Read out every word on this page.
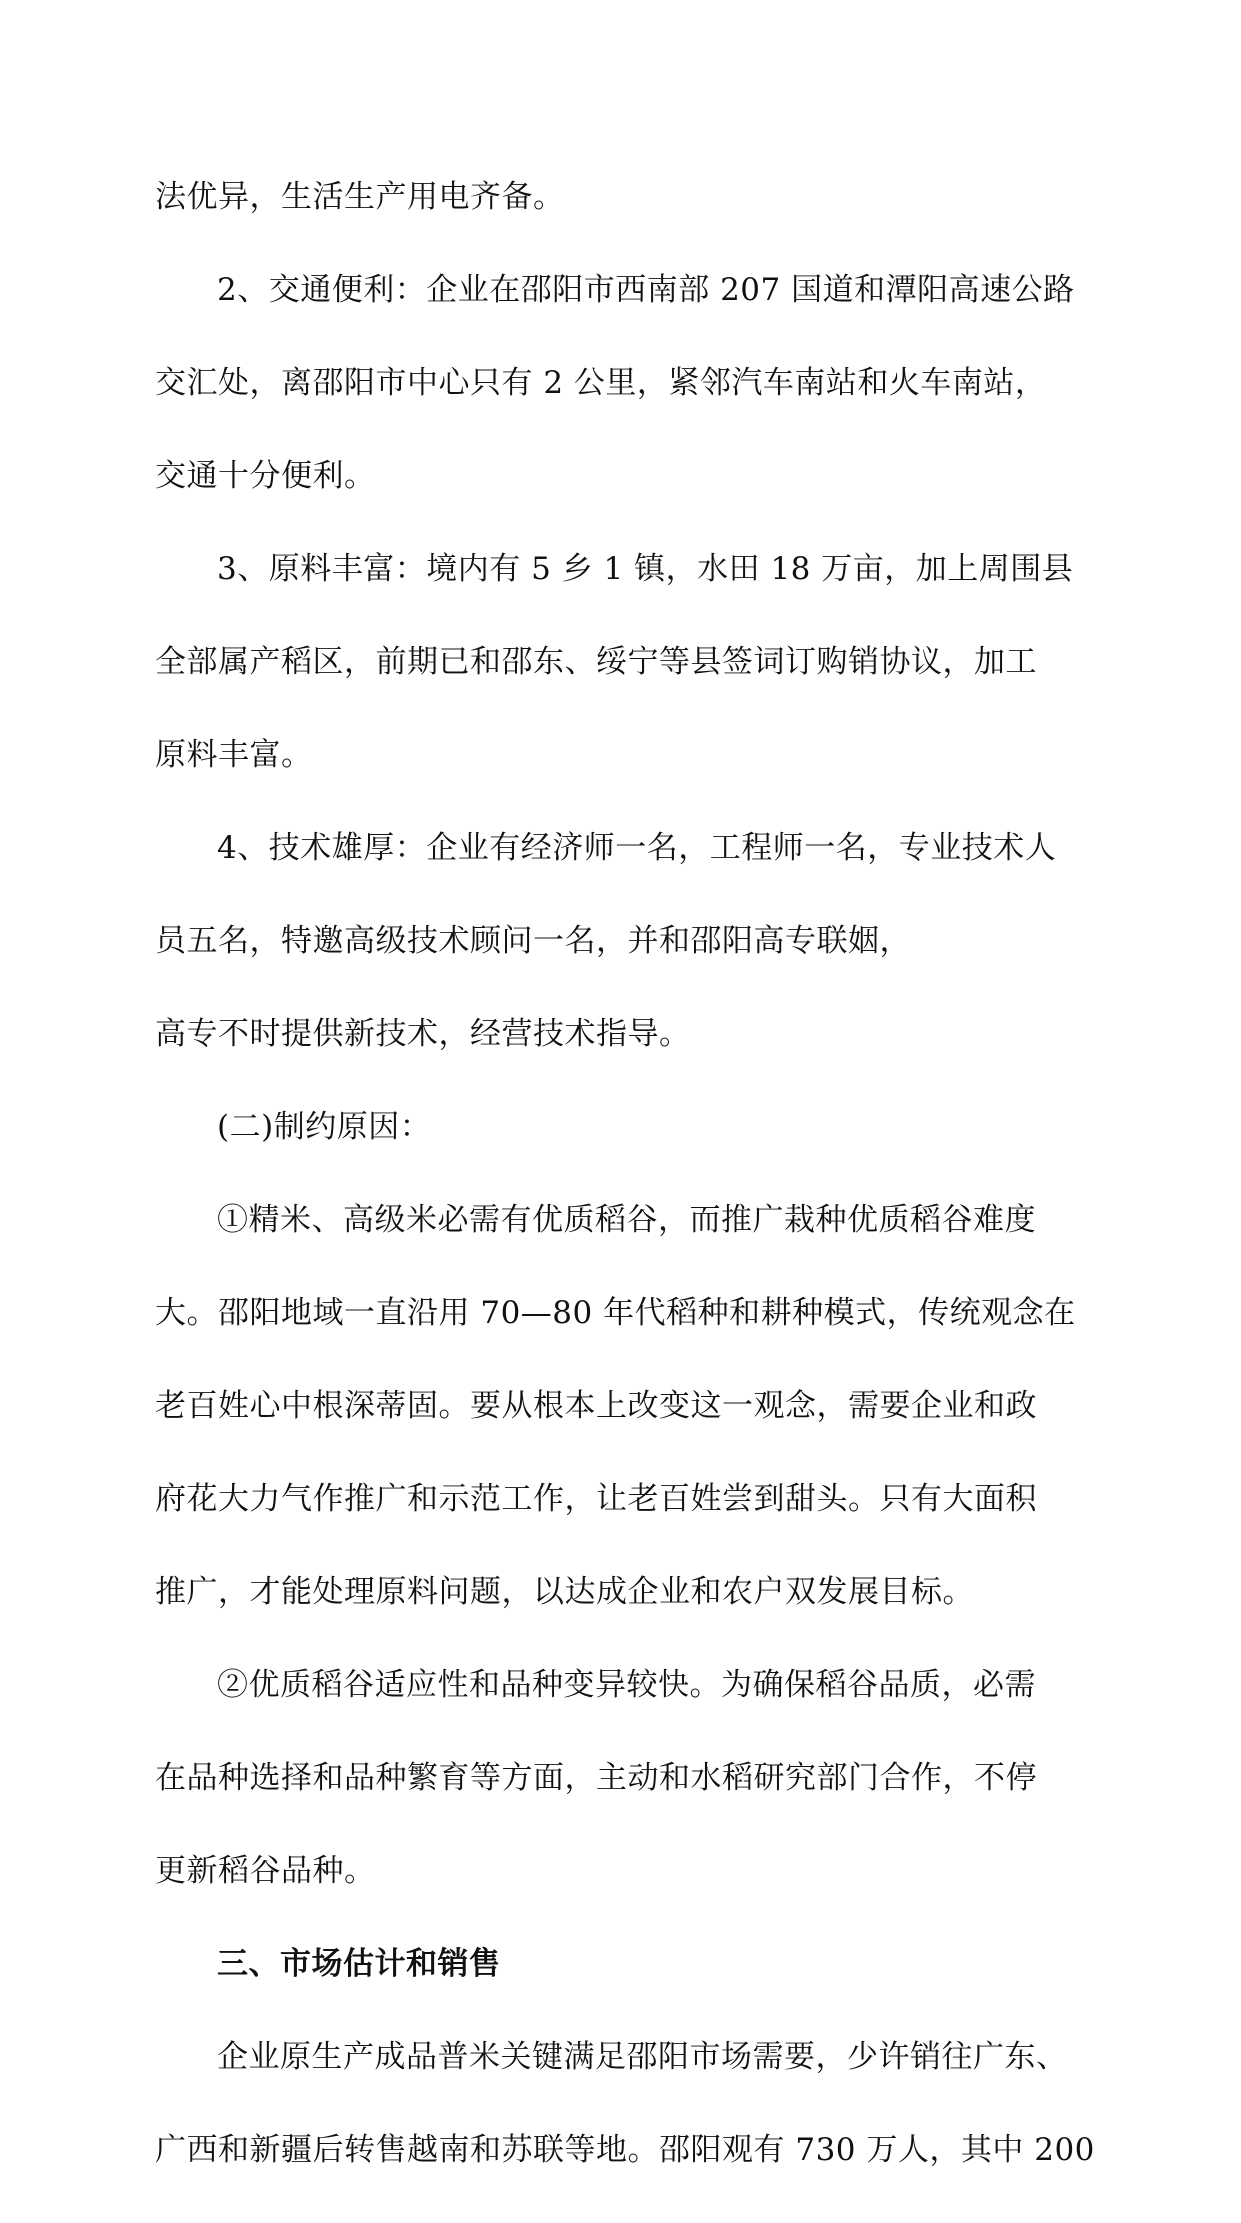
法优异，生活生产用电齐备。
2、交通便利：企业在邵阳市西南部 207 国道和潭阳高速公路
交汇处，离邵阳市中心只有 2 公里，紧邻汽车南站和火车南站，
交通十分便利。
3、原料丰富：境内有 5 乡 1 镇，水田 18 万亩，加上周围县
全部属产稻区，前期已和邵东、绥宁等县签词订购销协议，加工
原料丰富。
4、技术雄厚：企业有经济师一名，工程师一名，专业技术人
员五名，特邀高级技术顾问一名，并和邵阳高专联姻，
高专不时提供新技术，经营技术指导。
(二)制约原因：
①精米、高级米必需有优质稻谷，而推广栽种优质稻谷难度
大。邵阳地域一直沿用 70—80 年代稻种和耕种模式，传统观念在
老百姓心中根深蒂固。要从根本上改变这一观念，需要企业和政
府花大力气作推广和示范工作，让老百姓尝到甜头。只有大面积
推广，才能处理原料问题，以达成企业和农户双发展目标。
②优质稻谷适应性和品种变异较快。为确保稻谷品质，必需
在品种选择和品种繁育等方面，主动和水稻研究部门合作，不停
更新稻谷品种。
三、市场估计和销售
企业原生产成品普米关键满足邵阳市场需要，少许销往广东、
广西和新疆后转售越南和苏联等地。邵阳观有 730 万人，其中 200
